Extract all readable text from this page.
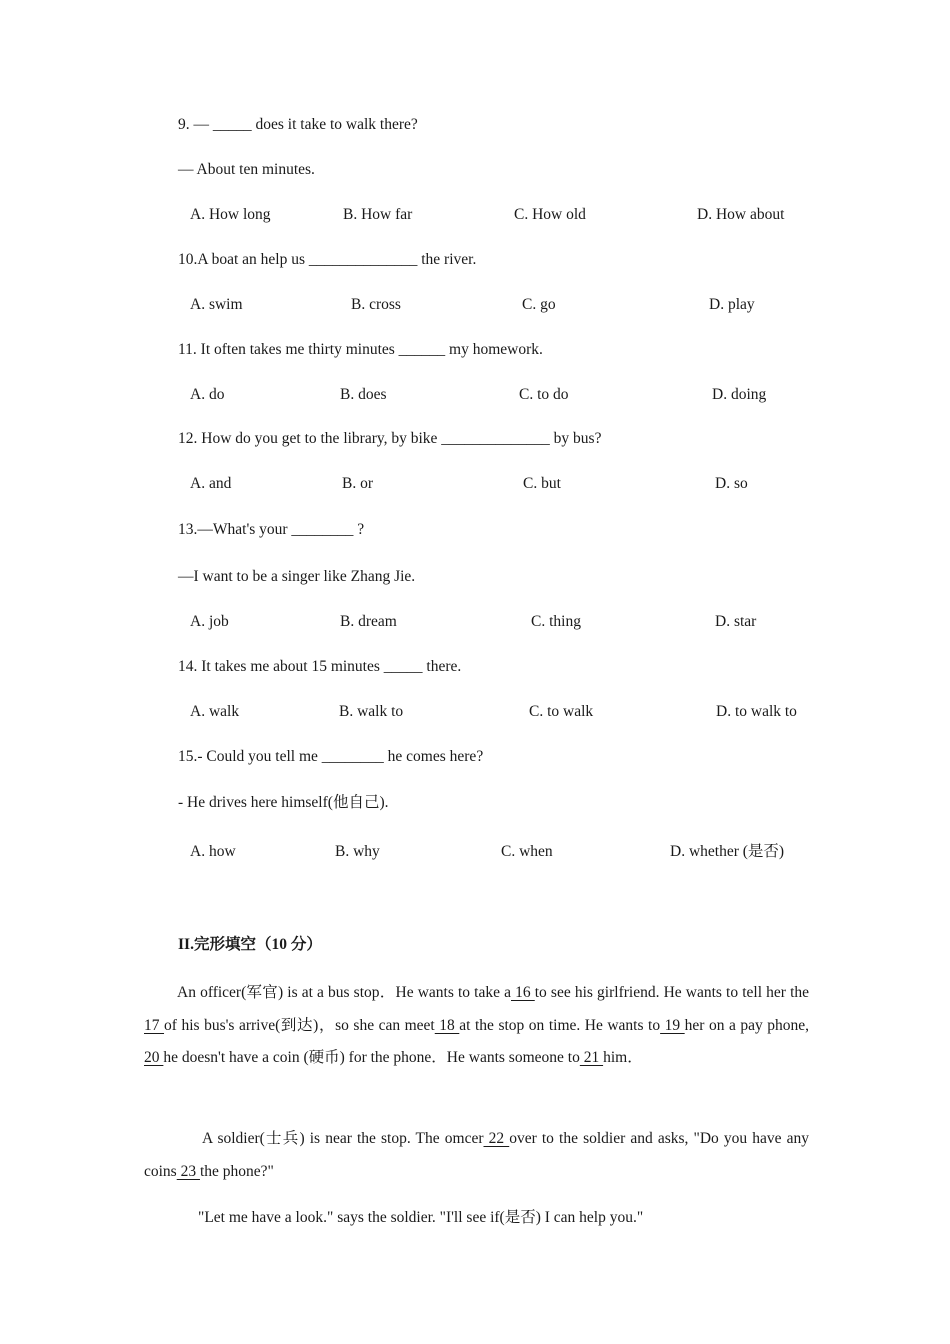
9. — _____ does it take to walk there?
— About ten minutes.
A. How long	B. How far	C. How old	D. How about
10.A boat an help us ______________ the river.
A. swim	B. cross	C. go	D. play
11. It often takes me thirty minutes ______ my homework.
A. do	B. does	C. to do	D. doing
12. How do you get to the library, by bike ______________ by bus?
A. and	B. or	C. but	D. so
13.—What's your ________ ?
—I want to be a singer like Zhang Jie.
A. job	B. dream	C. thing	D. star
14. It takes me about 15 minutes _____ there.
A. walk	B. walk to	C. to walk	D. to walk to
15.- Could you tell me ________ he comes here?
- He drives here himself(他自己).
A. how	B. why	C. when	D. whether (是否)
II.完形填空（10 分）
An officer(军官) is at a bus stop．He wants to take a 16 to see his girlfriend. He wants to tell her the 17 of his bus's arrive(到达)，so she can meet 18 at the stop on time. He wants to 19 her on a pay phone, 20 he doesn't have a coin (硬币) for the phone．He wants someone to 21 him．
A soldier(士兵) is near the stop. The omcer 22 over to the soldier and asks, "Do you have any coins 23 the phone?"
"Let me have a look." says the soldier. "I'll see if(是否) I can help you."
